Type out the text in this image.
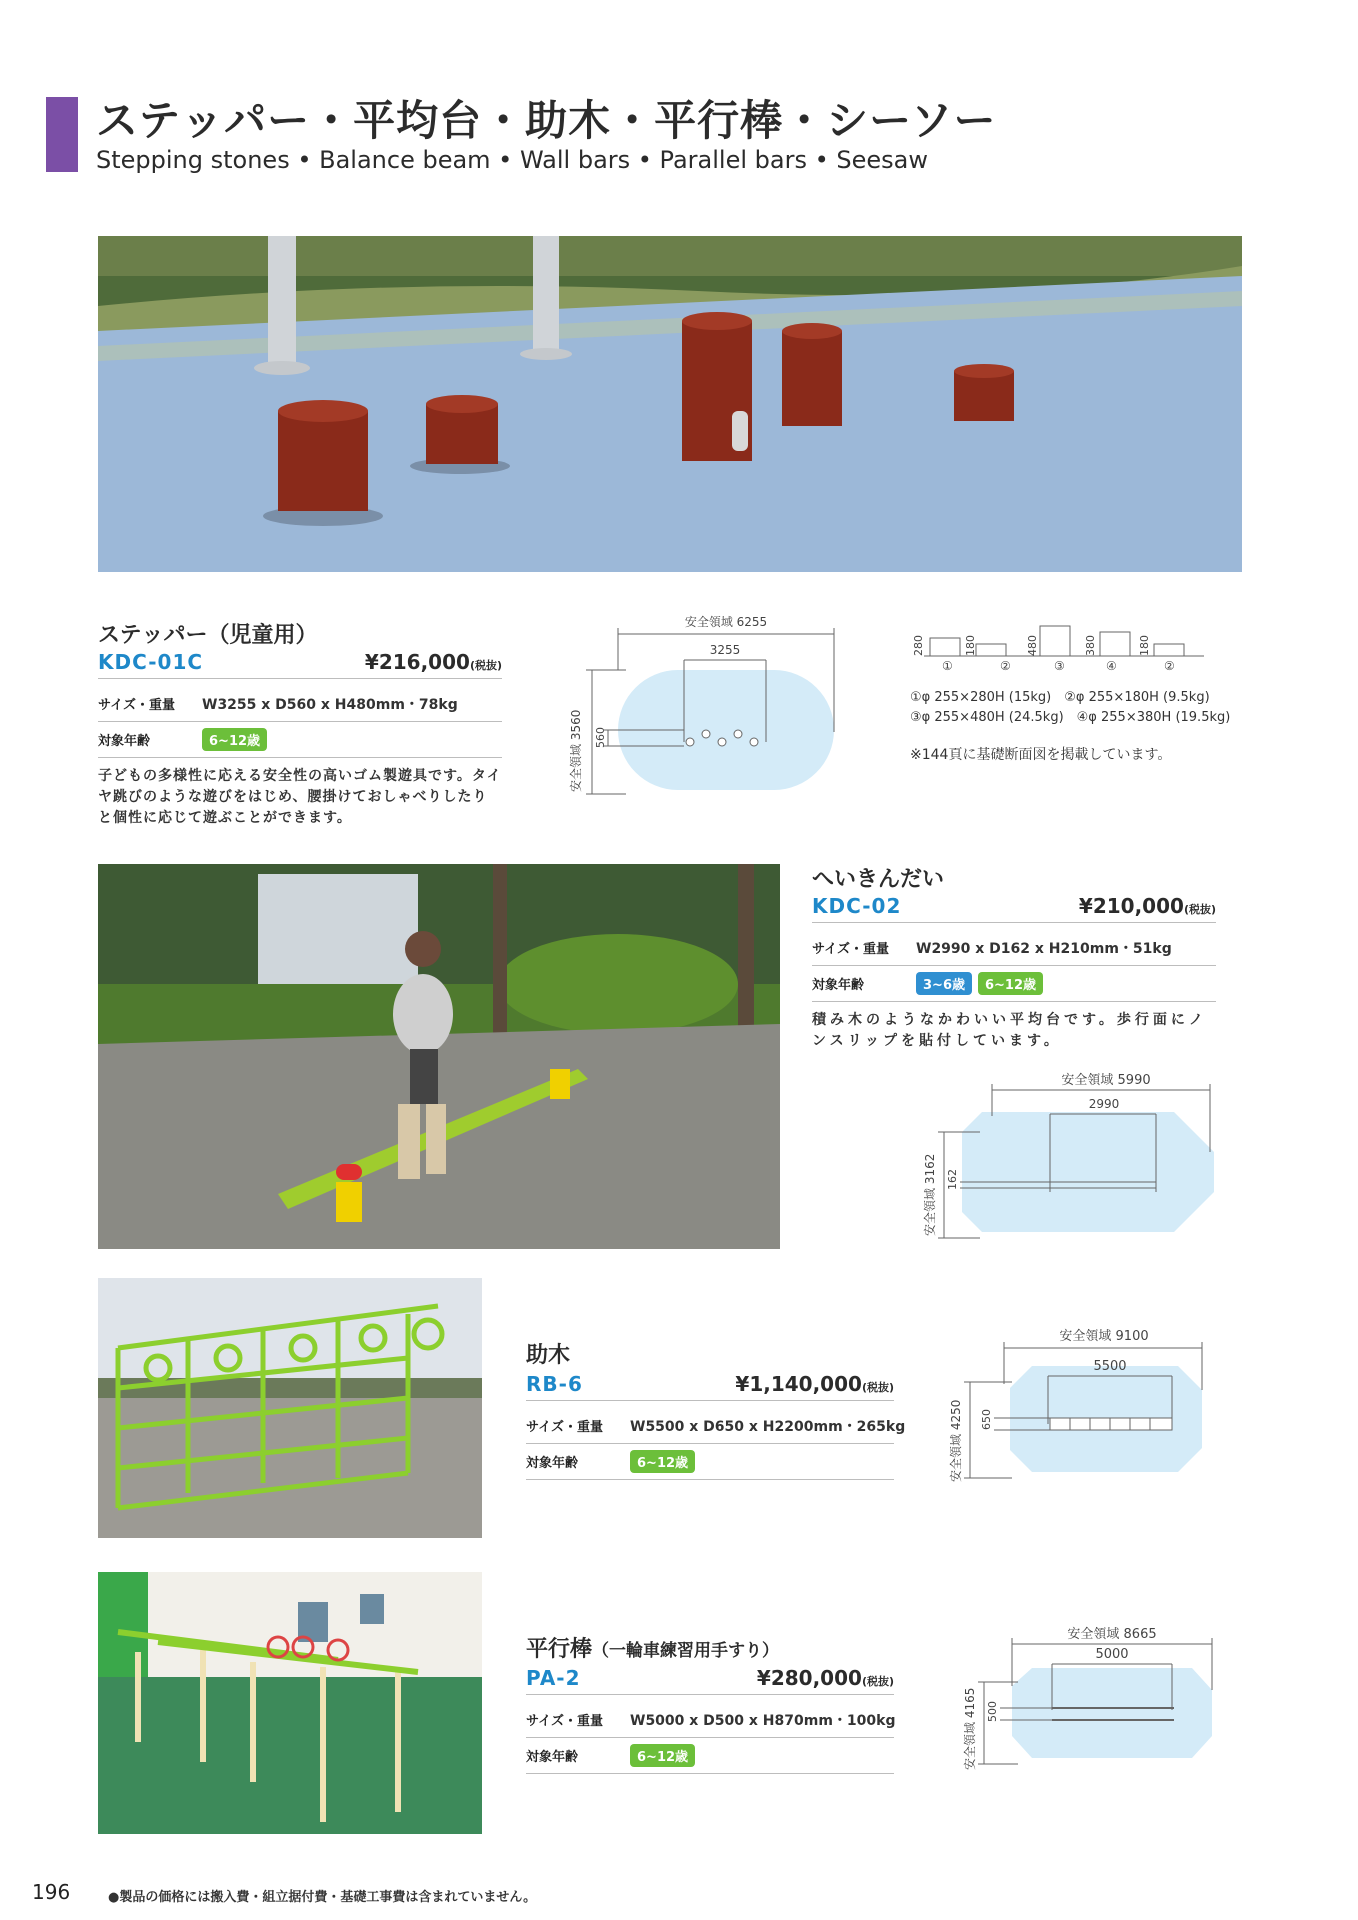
ステッパー・平均台・助木・平行棒・シーソー
Stepping stones • Balance beam • Wall bars • Parallel bars • Seesaw
ステッパー（児童用）
KDC-01C	¥216,000(税抜)
サイズ・重量	W3255 x D560 x H480mm・78kg
対象年齢	6~12歳
子どもの多様性に応える安全性の高いゴム製遊具です。タイヤ跳びのような遊びをはじめ、腰掛けておしゃべりしたりと個性に応じて遊ぶことができます。
安全領域 6255
3255
安全領域 3560 560
280
①
180
②
480
③
380
④
180
②
①φ 255×280H (15kg)　②φ 255×180H (9.5kg)
③φ 255×480H (24.5kg)　④φ 255×380H (19.5kg)
※144頁に基礎断面図を掲載しています。
へいきんだい
KDC-02	¥210,000(税抜)
サイズ・重量	W2990 x D162 x H210mm・51kg
対象年齢	3~6歳	6~12歳
積み木のようなかわいい平均台です。歩行面にノンスリップを貼付しています。
安全領域 5990
2990
安全領域 3162 162
助木
RB-6	¥1,140,000(税抜)
サイズ・重量	W5500 x D650 x H2200mm・265kg
対象年齢	6~12歳
安全領域 9100
5500
安全領域 4250 650
平行棒（一輪車練習用手すり）
PA-2	¥280,000(税抜)
サイズ・重量	W5000 x D500 x H870mm・100kg
対象年齢	6~12歳
安全領域 8665
5000
安全領域 4165 500
196	●製品の価格には搬入費・組立据付費・基礎工事費は含まれていません。
